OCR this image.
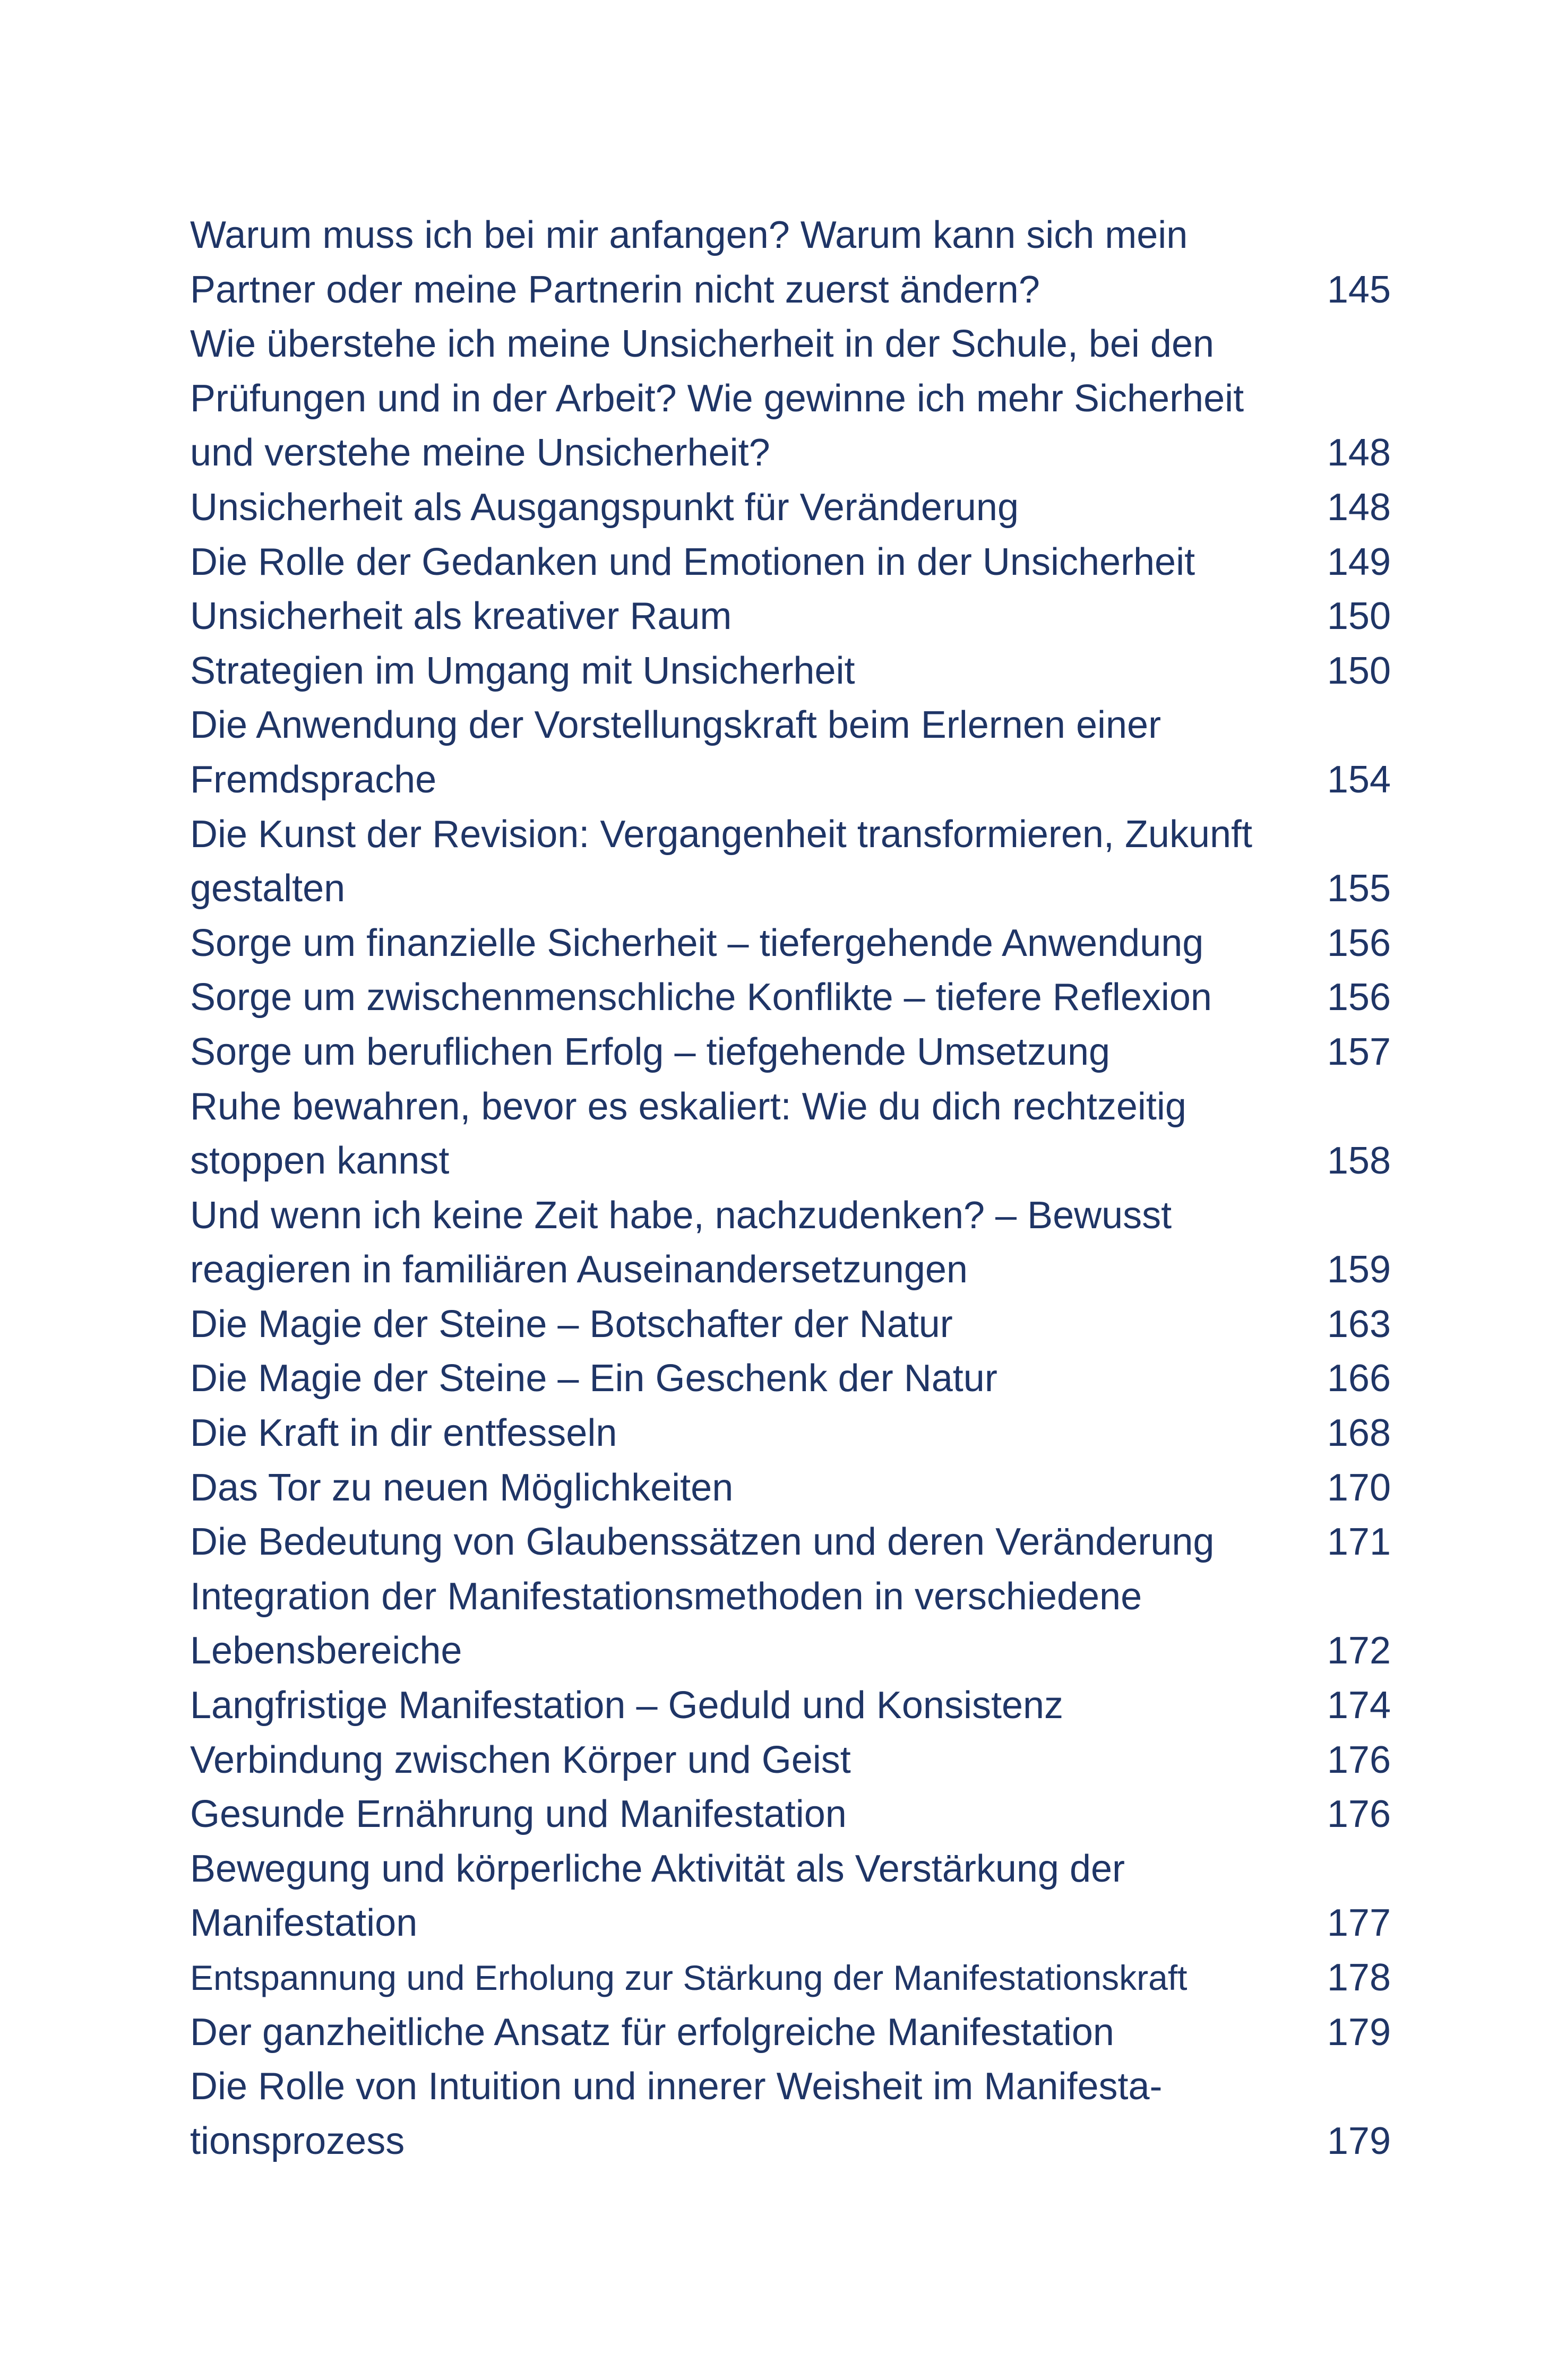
Warum muss ich bei mir anfangen? Warum kann sich mein
Partner oder meine Partnerin nicht zuerst ändern?	145
Wie überstehe ich meine Unsicherheit in der Schule, bei den
Prüfungen und in der Arbeit? Wie gewinne ich mehr Sicherheit
und verstehe meine Unsicherheit?	148
Unsicherheit als Ausgangspunkt für Veränderung	148
Die Rolle der Gedanken und Emotionen in der Unsicherheit	149
Unsicherheit als kreativer Raum	150
Strategien im Umgang mit Unsicherheit	150
Die Anwendung der Vorstellungskraft beim Erlernen einer
Fremdsprache	154
Die Kunst der Revision: Vergangenheit transformieren, Zukunft
gestalten	155
Sorge um finanzielle Sicherheit – tiefergehende Anwendung	156
Sorge um zwischenmenschliche Konflikte – tiefere Reflexion	156
Sorge um beruflichen Erfolg – tiefgehende Umsetzung	157
Ruhe bewahren, bevor es eskaliert: Wie du dich rechtzeitig
stoppen kannst	158
Und wenn ich keine Zeit habe, nachzudenken? – Bewusst
reagieren in familiären Auseinandersetzungen	159
Die Magie der Steine – Botschafter der Natur	163
Die Magie der Steine – Ein Geschenk der Natur	166
Die Kraft in dir entfesseln	168
Das Tor zu neuen Möglichkeiten	170
Die Bedeutung von Glaubenssätzen und deren Veränderung	171
Integration der Manifestationsmethoden in verschiedene
Lebensbereiche	172
Langfristige Manifestation – Geduld und Konsistenz	174
Verbindung zwischen Körper und Geist	176
Gesunde Ernährung und Manifestation	176
Bewegung und körperliche Aktivität als Verstärkung der
Manifestation	177
Entspannung und Erholung zur Stärkung der Manifestationskraft	178
Der ganzheitliche Ansatz für erfolgreiche Manifestation	179
Die Rolle von Intuition und innerer Weisheit im Manifesta-
tionsprozess	179
